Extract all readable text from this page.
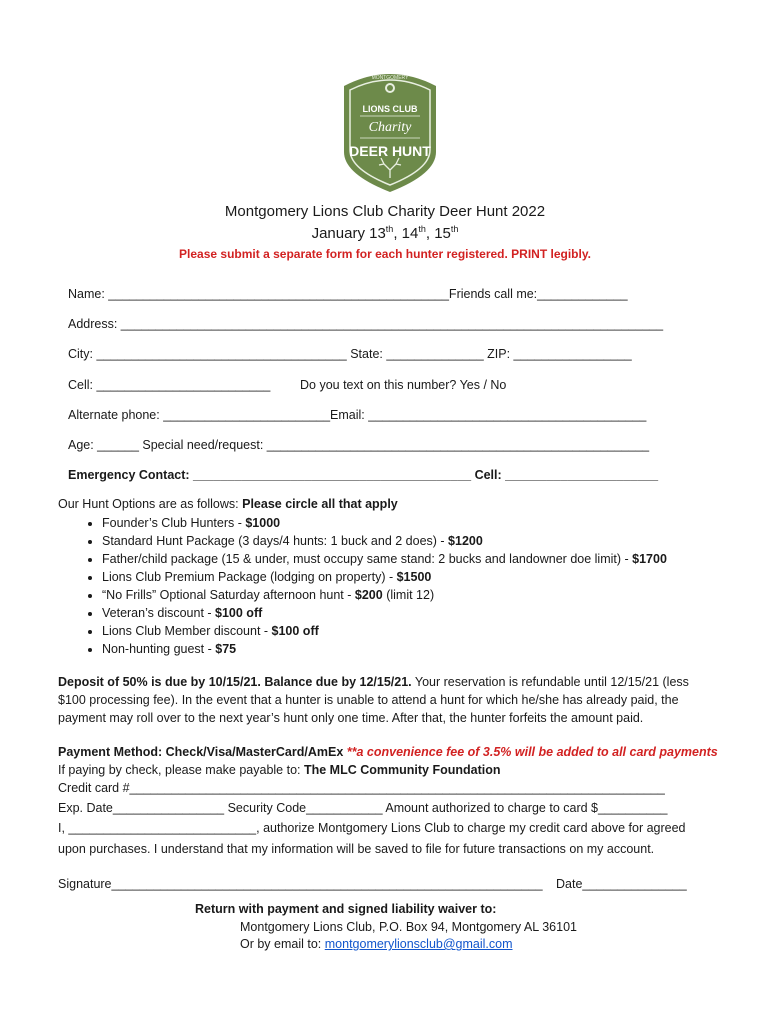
MONTGOMERY
LIONS CLUB
Charity
DEER HUNT
Montgomery Lions Club Charity Deer Hunt 2022
January 13th, 14th, 15th
Please submit a separate form for each hunter registered. PRINT legibly.
Name: _________________________________________________Friends call me:_____________
Address: ______________________________________________________________________________
City: ____________________________________ State: ______________ ZIP: _________________
Cell: _________________________ Do you text on this number? Yes / No
Alternate phone: ________________________Email: ________________________________________
Age: ______ Special need/request: _______________________________________________________
Emergency Contact: ________________________________________ Cell: ______________________
Our Hunt Options are as follows: Please circle all that apply
• Founder’s Club Hunters - $1000
• Standard Hunt Package (3 days/4 hunts: 1 buck and 2 does) - $1200
• Father/child package (15 & under, must occupy same stand: 2 bucks and landowner doe limit) - $1700
• Lions Club Premium Package (lodging on property) - $1500
• “No Frills” Optional Saturday afternoon hunt - $200 (limit 12)
• Veteran’s discount - $100 off
• Lions Club Member discount - $100 off
• Non-hunting guest - $75
Deposit of 50% is due by 10/15/21. Balance due by 12/15/21. Your reservation is refundable until 12/15/21 (less $100 processing fee). In the event that a hunter is unable to attend a hunt for which he/she has already paid, the payment may roll over to the next year’s hunt only one time. After that, the hunter forfeits the amount paid.
Payment Method: Check/Visa/MasterCard/AmEx **a convenience fee of 3.5% will be added to all card payments
If paying by check, please make payable to: The MLC Community Foundation
Credit card #_____________________________________________________________________________
Exp. Date________________ Security Code___________ Amount authorized to charge to card $__________
I, ___________________________, authorize Montgomery Lions Club to charge my credit card above for agreed
upon purchases. I understand that my information will be saved to file for future transactions on my account.
Signature______________________________________________________________ Date_______________
Return with payment and signed liability waiver to:
Montgomery Lions Club, P.O. Box 94, Montgomery AL 36101
Or by email to: montgomerylionsclub@gmail.com
